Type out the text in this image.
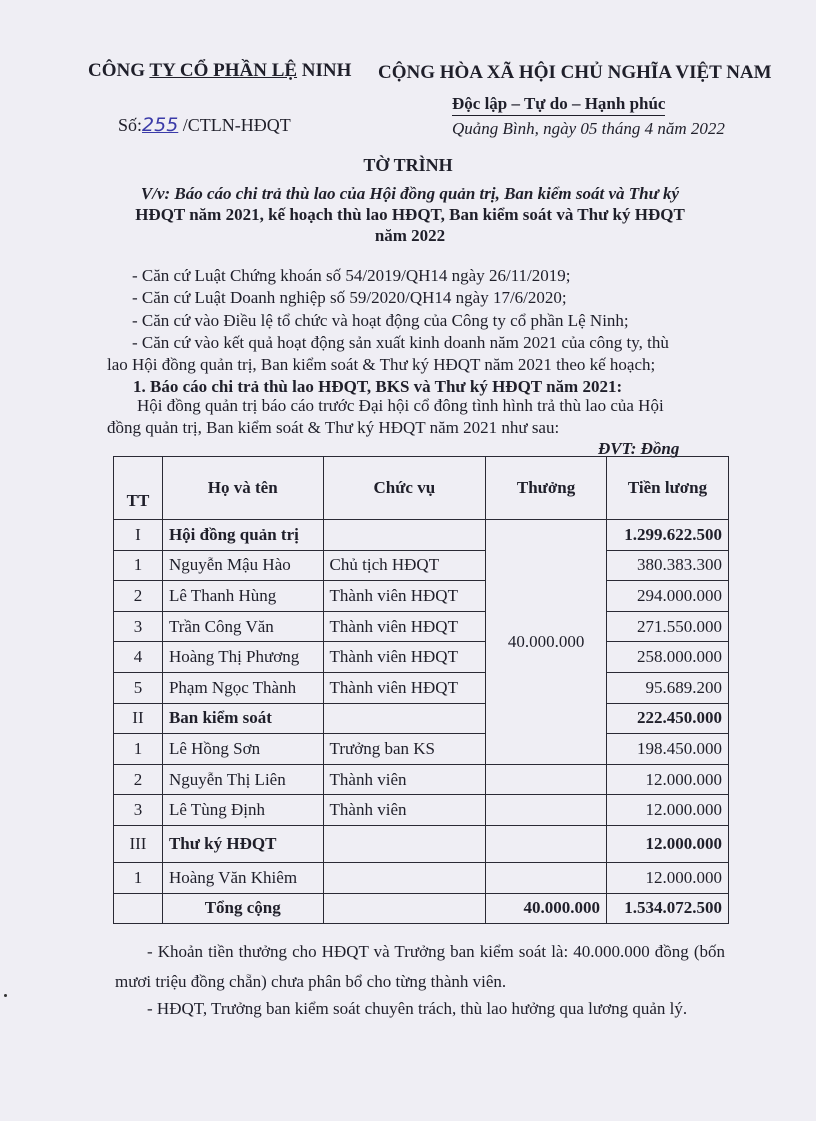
CÔNG TY CỔ PHẦN LỆ NINH CỘNG HÒA XÃ HỘI CHỦ NGHĨA VIỆT NAM
Độc lập – Tự do – Hạnh phúc
Số:255 /CTLN-HĐQT	Quảng Bình, ngày 05 tháng 4 năm 2022
TỜ TRÌNH
V/v: Báo cáo chi trả thù lao của Hội đồng quản trị, Ban kiểm soát và Thư ký
HĐQT năm 2021, kế hoạch thù lao HĐQT, Ban kiểm soát và Thư ký HĐQT
năm 2022
- Căn cứ Luật Chứng khoán số 54/2019/QH14 ngày 26/11/2019;
- Căn cứ Luật Doanh nghiệp số 59/2020/QH14 ngày 17/6/2020;
- Căn cứ vào Điều lệ tổ chức và hoạt động của Công ty cổ phần Lệ Ninh;
- Căn cứ vào kết quả hoạt động sản xuất kinh doanh năm 2021 của công ty, thù
lao Hội đồng quản trị, Ban kiểm soát & Thư ký HĐQT năm 2021 theo kế hoạch;
1. Báo cáo chi trả thù lao HĐQT, BKS và Thư ký HĐQT năm 2021:
Hội đồng quản trị báo cáo trước Đại hội cổ đông tình hình trả thù lao của Hội
đồng quản trị, Ban kiểm soát & Thư ký HĐQT năm 2021 như sau:
ĐVT: Đồng
TT	Họ và tên	Chức vụ	Thưởng	Tiền lương
I	Hội đồng quản trị		40.000.000	1.299.622.500
1	Nguyễn Mậu Hào	Chủ tịch HĐQT		380.383.300
2	Lê Thanh Hùng	Thành viên HĐQT		294.000.000
3	Trần Công Văn	Thành viên HĐQT		271.550.000
4	Hoàng Thị Phương	Thành viên HĐQT		258.000.000
5	Phạm Ngọc Thành	Thành viên HĐQT		95.689.200
II	Ban kiểm soát			222.450.000
1	Lê Hồng Sơn	Trưởng ban KS		198.450.000
2	Nguyễn Thị Liên	Thành viên		12.000.000
3	Lê Tùng Định	Thành viên		12.000.000
III	Thư ký HĐQT			12.000.000
1	Hoàng Văn Khiêm			12.000.000
	Tổng cộng		40.000.000	1.534.072.500
- Khoản tiền thưởng cho HĐQT và Trưởng ban kiểm soát là: 40.000.000 đồng (bốn mươi triệu đồng chẵn) chưa phân bổ cho từng thành viên.
- HĐQT, Trưởng ban kiểm soát chuyên trách, thù lao hưởng qua lương quản lý.
